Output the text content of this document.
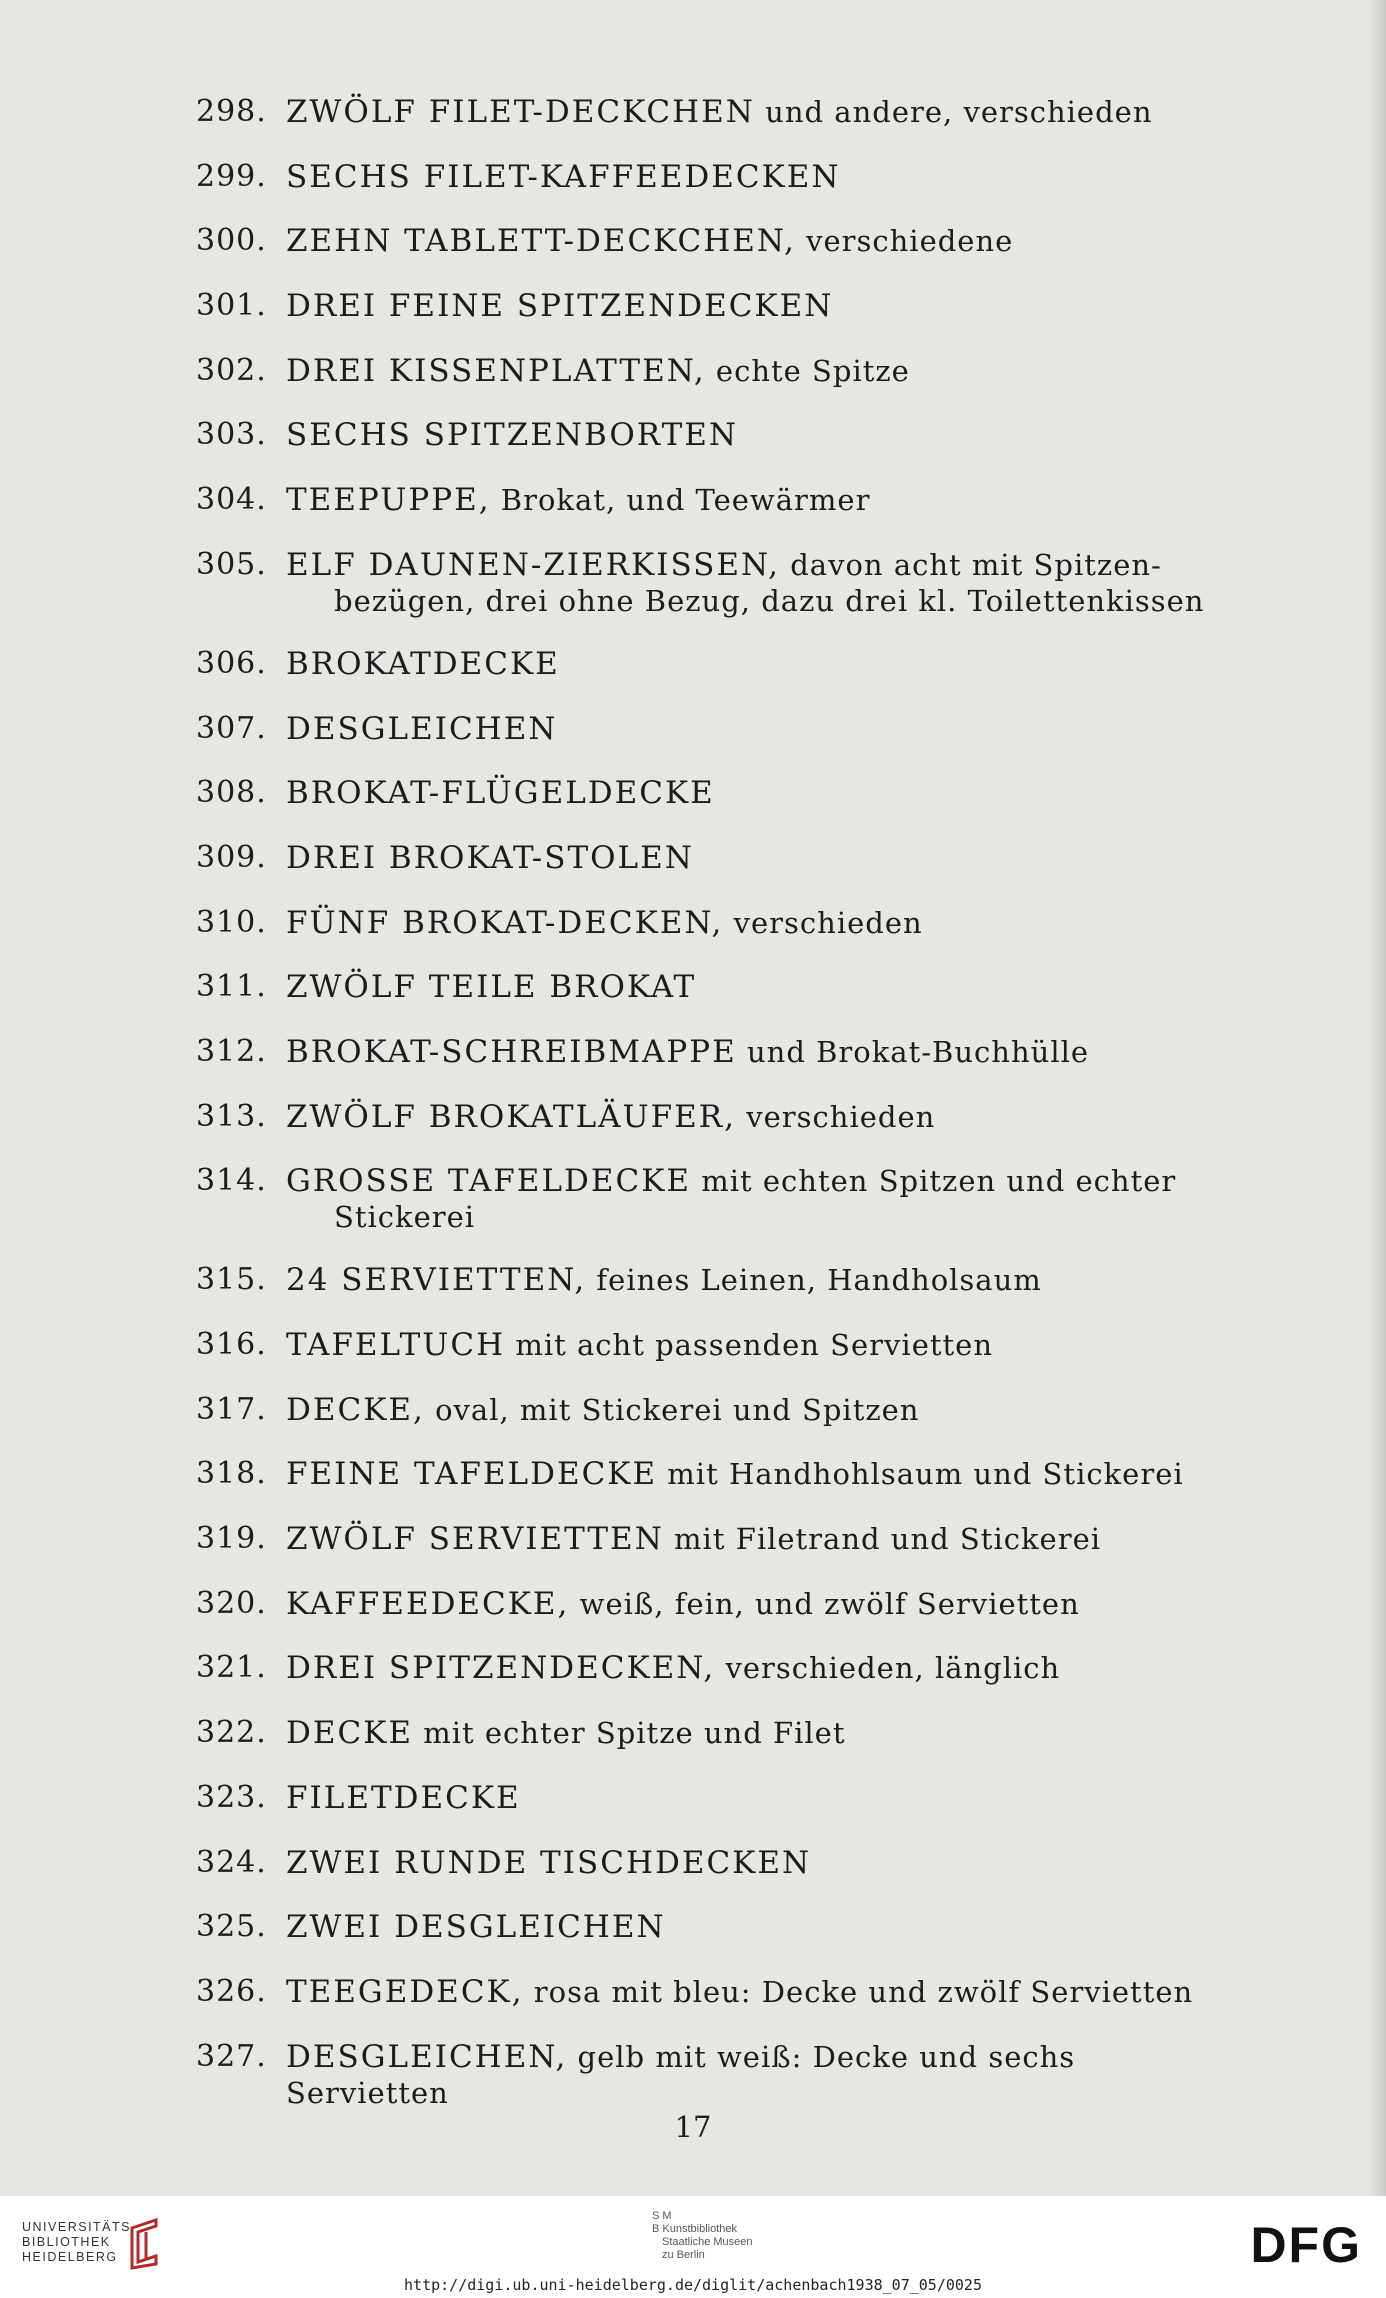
298. ZWÖLF FILET-DECKCHEN und andere, verschieden
299. SECHS FILET-KAFFEEDECKEN
300. ZEHN TABLETT-DECKCHEN, verschiedene
301. DREI FEINE SPITZENDECKEN
302. DREI KISSENPLATTEN, echte Spitze
303. SECHS SPITZENBORTEN
304. TEEPUPPE, Brokat, und Teewärmer
305. ELF DAUNEN-ZIERKISSEN, davon acht mit Spitzen-
bezügen, drei ohne Bezug, dazu drei kl. Toilettenkissen
306. BROKATDECKE
307. DESGLEICHEN
308. BROKAT-FLÜGELDECKE
309. DREI BROKAT-STOLEN
310. FÜNF BROKAT-DECKEN, verschieden
311. ZWÖLF TEILE BROKAT
312. BROKAT-SCHREIBMAPPE und Brokat-Buchhülle
313. ZWÖLF BROKATLÄUFER, verschieden
314. GROSSE TAFELDECKE mit echten Spitzen und echter
Stickerei
315. 24 SERVIETTEN, feines Leinen, Handholsaum
316. TAFELTUCH mit acht passenden Servietten
317. DECKE, oval, mit Stickerei und Spitzen
318. FEINE TAFELDECKE mit Handhohlsaum und Stickerei
319. ZWÖLF SERVIETTEN mit Filetrand und Stickerei
320. KAFFEEDECKE, weiß, fein, und zwölf Servietten
321. DREI SPITZENDECKEN, verschieden, länglich
322. DECKE mit echter Spitze und Filet
323. FILETDECKE
324. ZWEI RUNDE TISCHDECKEN
325. ZWEI DESGLEICHEN
326. TEEGEDECK, rosa mit bleu: Decke und zwölf Servietten
327. DESGLEICHEN, gelb mit weiß: Decke und sechs Servietten
17
UNIVERSITÄTS-
BIBLIOTHEK
HEIDELBERG
S M
B Kunstbibliothek
Staatliche Museen
zu Berlin	DFG
http://digi.ub.uni-heidelberg.de/diglit/achenbach1938_07_05/0025
